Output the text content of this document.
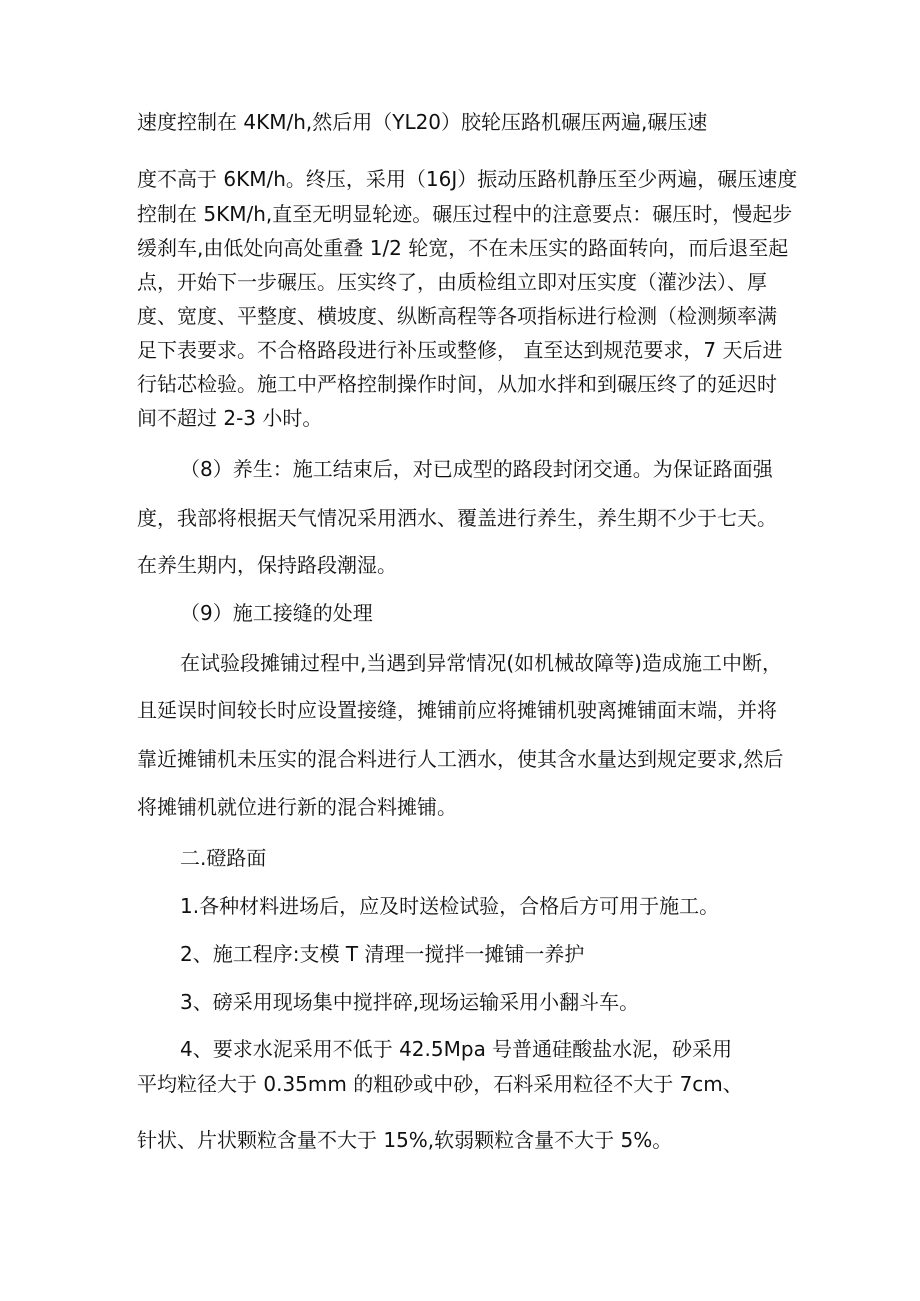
速度控制在 4KM/h,然后用（YL20）胶轮压路机碾压两遍,碾压速
度不高于 6KM/h。终压，采用（16J）振动压路机静压至少两遍，碾压速度
控制在 5KM/h,直至无明显轮迹。碾压过程中的注意要点：碾压时，慢起步
缓刹车,由低处向高处重叠 1/2 轮宽，不在未压实的路面转向，而后退至起
点，开始下一步碾压。压实终了，由质检组立即对压实度（灌沙法）、厚
度、宽度、平整度、横坡度、纵断高程等各项指标进行检测（检测频率满
足下表要求。不合格路段进行补压或整修， 直至达到规范要求，7 天后进
行钻芯检验。施工中严格控制操作时间，从加水拌和到碾压终了的延迟时
间不超过 2-3 小时。
（8）养生：施工结束后，对已成型的路段封闭交通。为保证路面强
度，我部将根据天气情况采用洒水、覆盖进行养生，养生期不少于七天。
在养生期内，保持路段潮湿。
（9）施工接缝的处理
在试验段摊铺过程中,当遇到异常情况(如机械故障等)造成施工中断，
且延误时间较长时应设置接缝，摊铺前应将摊铺机驶离摊铺面末端，并将
靠近摊铺机未压实的混合料进行人工洒水，使其含水量达到规定要求,然后
将摊铺机就位进行新的混合料摊铺。
二.磴路面
1.各种材料进场后，应及时送检试验，合格后方可用于施工。
2、施工程序:支模 T 清理一搅拌一摊铺一养护
3、磅采用现场集中搅拌碎,现场运输采用小翻斗车。
4、要求水泥采用不低于 42.5Mpa 号普通硅酸盐水泥，砂采用
平均粒径大于 0.35mm 的粗砂或中砂，石料采用粒径不大于 7cm、
针状、片状颗粒含量不大于 15%,软弱颗粒含量不大于 5%。
